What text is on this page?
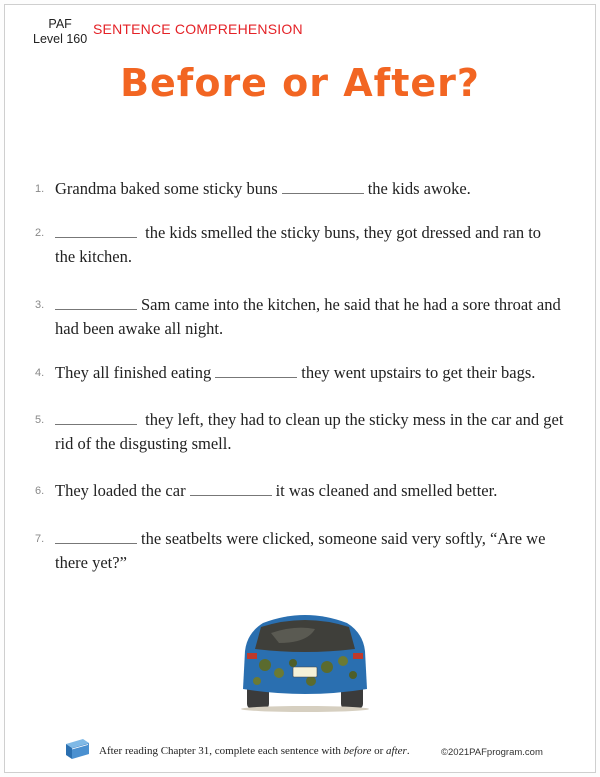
PAF
Level 160
SENTENCE COMPREHENSION
Before or After?
1. Grandma baked some sticky buns	the kids awoke.
2.	the kids smelled the sticky buns, they got dressed and ran to the kitchen.
3.	Sam came into the kitchen, he said that he had a sore throat and had been awake all night.
4. They all finished eating	they went upstairs to get their bags.
5.	they left, they had to clean up the sticky mess in the car and get rid of the disgusting smell.
6. They loaded the car	it was cleaned and smelled better.
7.	the seatbelts were clicked, someone said very softly, “Are we there yet?”
After reading Chapter 31, complete each sentence with before or after.	©2021PAFprogram.com
